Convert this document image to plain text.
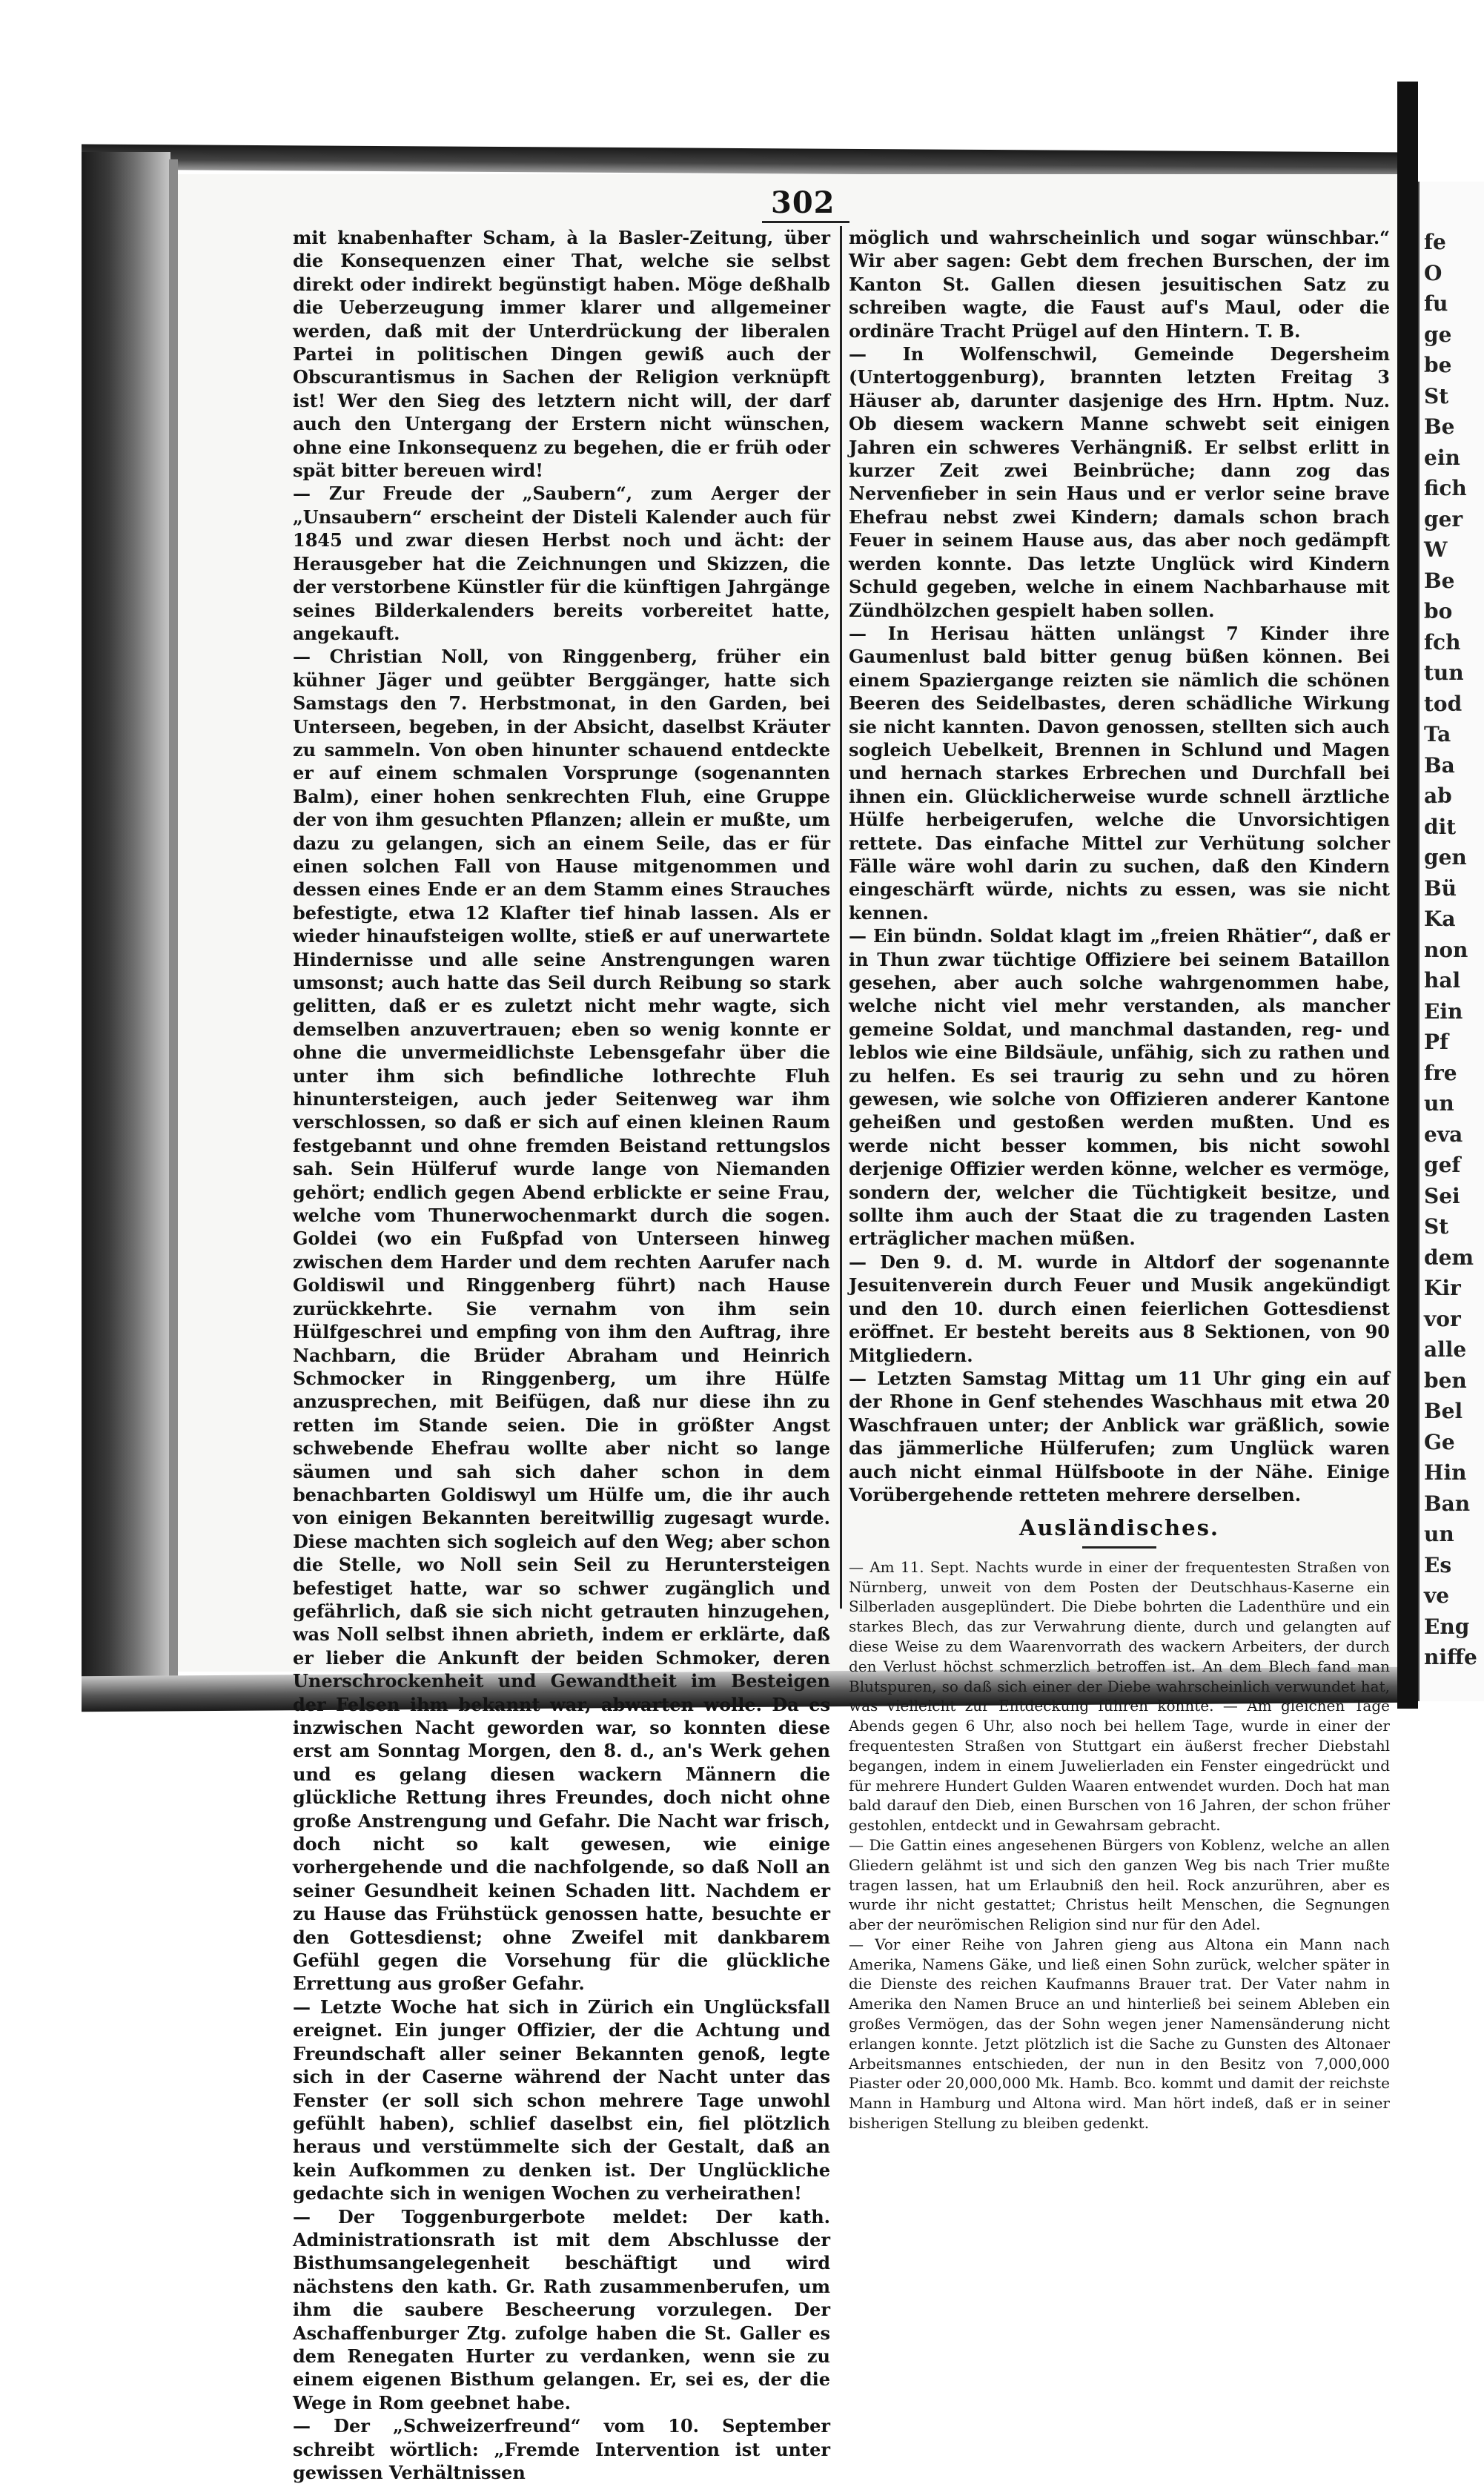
fe
O
fu
ge
be
St
Be
ein
fich
ger
W
Be
bo
fch
tun
tod
Ta
Ba
ab
dit
gen
Bü
Ka
non
hal
Ein
Pf
fre
un
eva
gef
Sei
St
dem
Kir
vor
alle
ben
Bel
Ge
Hin
Ban
un
Es
ve
Eng
niffe
302

mit knabenhafter Scham, à la Basler-Zeitung, über die Konsequenzen einer That, welche sie selbst direkt oder indirekt begünstigt haben. Möge deßhalb die Ueberzeugung immer klarer und allgemeiner werden, daß mit der Unterdrückung der liberalen Partei in politischen Dingen gewiß auch der Obscurantismus in Sachen der Religion verknüpft ist! Wer den Sieg des letztern nicht will, der darf auch den Untergang der Erstern nicht wünschen, ohne eine Inkonsequenz zu begehen, die er früh oder spät bitter bereuen wird!

— Zur Freude der „Saubern“, zum Aerger der „Unsaubern“ erscheint der Disteli Kalender auch für 1845 und zwar diesen Herbst noch und ächt: der Herausgeber hat die Zeichnungen und Skizzen, die der verstorbene Künstler für die künftigen Jahrgänge seines Bilderkalenders bereits vorbereitet hatte, angekauft.

— Christian Noll, von Ringgenberg, früher ein kühner Jäger und geübter Berggänger, hatte sich Samstags den 7. Herbstmonat, in den Garden, bei Unterseen, begeben, in der Absicht, daselbst Kräuter zu sammeln. Von oben hinunter schauend entdeckte er auf einem schmalen Vorsprunge (sogenannten Balm), einer hohen senkrechten Fluh, eine Gruppe der von ihm gesuchten Pflanzen; allein er mußte, um dazu zu gelangen, sich an einem Seile, das er für einen solchen Fall von Hause mitgenommen und dessen eines Ende er an dem Stamm eines Strauches befestigte, etwa 12 Klafter tief hinab lassen. Als er wieder hinaufsteigen wollte, stieß er auf unerwartete Hindernisse und alle seine Anstrengungen waren umsonst; auch hatte das Seil durch Reibung so stark gelitten, daß er es zuletzt nicht mehr wagte, sich demselben anzuvertrauen; eben so wenig konnte er ohne die unvermeidlichste Lebensgefahr über die unter ihm sich befindliche lothrechte Fluh hinuntersteigen, auch jeder Seitenweg war ihm verschlossen, so daß er sich auf einen kleinen Raum festgebannt und ohne fremden Beistand rettungslos sah. Sein Hülferuf wurde lange von Niemanden gehört; endlich gegen Abend erblickte er seine Frau, welche vom Thunerwochenmarkt durch die sogen. Goldei (wo ein Fußpfad von Unterseen hinweg zwischen dem Harder und dem rechten Aarufer nach Goldiswil und Ringgenberg führt) nach Hause zurückkehrte. Sie vernahm von ihm sein Hülfgeschrei und empfing von ihm den Auftrag, ihre Nachbarn, die Brüder Abraham und Heinrich Schmocker in Ringgenberg, um ihre Hülfe anzusprechen, mit Beifügen, daß nur diese ihn zu retten im Stande seien. Die in größter Angst schwebende Ehefrau wollte aber nicht so lange säumen und sah sich daher schon in dem benachbarten Goldiswyl um Hülfe um, die ihr auch von einigen Bekannten bereitwillig zugesagt wurde. Diese machten sich sogleich auf den Weg; aber schon die Stelle, wo Noll sein Seil zu Heruntersteigen befestiget hatte, war so schwer zugänglich und gefährlich, daß sie sich nicht getrauten hinzugehen, was Noll selbst ihnen abrieth, indem er erklärte, daß er lieber die Ankunft der beiden Schmoker, deren Unerschrockenheit und Gewandtheit im Besteigen der Felsen ihm bekannt war, abwarten wolle. Da es inzwischen Nacht geworden war, so konnten diese erst am Sonntag Morgen, den 8. d., an's Werk gehen und es gelang diesen wackern Männern die glückliche Rettung ihres Freundes, doch nicht ohne große Anstrengung und Gefahr. Die Nacht war frisch, doch nicht so kalt gewesen, wie einige vorhergehende und die nachfolgende, so daß Noll an seiner Gesundheit keinen Schaden litt. Nachdem er zu Hause das Frühstück genossen hatte, besuchte er den Gottesdienst; ohne Zweifel mit dankbarem Gefühl gegen die Vorsehung für die glückliche Errettung aus großer Gefahr.

— Letzte Woche hat sich in Zürich ein Unglücksfall ereignet. Ein junger Offizier, der die Achtung und Freundschaft aller seiner Bekannten genoß, legte sich in der Caserne während der Nacht unter das Fenster (er soll sich schon mehrere Tage unwohl gefühlt haben), schlief daselbst ein, fiel plötzlich heraus und verstümmelte sich der Gestalt, daß an kein Aufkommen zu denken ist. Der Unglückliche gedachte sich in wenigen Wochen zu verheirathen!

— Der Toggenburgerbote meldet: Der kath. Administrationsrath ist mit dem Abschlusse der Bisthumsangelegenheit beschäftigt und wird nächstens den kath. Gr. Rath zusammenberufen, um ihm die saubere Bescheerung vorzulegen. Der Aschaffenburger Ztg. zufolge haben die St. Galler es dem Renegaten Hurter zu verdanken, wenn sie zu einem eigenen Bisthum gelangen. Er, sei es, der die Wege in Rom geebnet habe.

— Der „Schweizerfreund“ vom 10. September schreibt wörtlich: „Fremde Intervention ist unter gewissen Verhältnissen

möglich und wahrscheinlich und sogar wünschbar.“ Wir aber sagen: Gebt dem frechen Burschen, der im Kanton St. Gallen diesen jesuitischen Satz zu schreiben wagte, die Faust auf's Maul, oder die ordinäre Tracht Prügel auf den Hintern. T. B.

— In Wolfenschwil, Gemeinde Degersheim (Untertoggenburg), brannten letzten Freitag 3 Häuser ab, darunter dasjenige des Hrn. Hptm. Nuz. Ob diesem wackern Manne schwebt seit einigen Jahren ein schweres Verhängniß. Er selbst erlitt in kurzer Zeit zwei Beinbrüche; dann zog das Nervenfieber in sein Haus und er verlor seine brave Ehefrau nebst zwei Kindern; damals schon brach Feuer in seinem Hause aus, das aber noch gedämpft werden konnte. Das letzte Unglück wird Kindern Schuld gegeben, welche in einem Nachbarhause mit Zündhölzchen gespielt haben sollen.

— In Herisau hätten unlängst 7 Kinder ihre Gaumenlust bald bitter genug büßen können. Bei einem Spaziergange reizten sie nämlich die schönen Beeren des Seidelbastes, deren schädliche Wirkung sie nicht kannten. Davon genossen, stellten sich auch sogleich Uebelkeit, Brennen in Schlund und Magen und hernach starkes Erbrechen und Durchfall bei ihnen ein. Glücklicherweise wurde schnell ärztliche Hülfe herbeigerufen, welche die Unvorsichtigen rettete. Das einfache Mittel zur Verhütung solcher Fälle wäre wohl darin zu suchen, daß den Kindern eingeschärft würde, nichts zu essen, was sie nicht kennen.

— Ein bündn. Soldat klagt im „freien Rhätier“, daß er in Thun zwar tüchtige Offiziere bei seinem Bataillon gesehen, aber auch solche wahrgenommen habe, welche nicht viel mehr verstanden, als mancher gemeine Soldat, und manchmal dastanden, reg- und leblos wie eine Bildsäule, unfähig, sich zu rathen und zu helfen. Es sei traurig zu sehn und zu hören gewesen, wie solche von Offizieren anderer Kantone geheißen und gestoßen werden mußten. Und es werde nicht besser kommen, bis nicht sowohl derjenige Offizier werden könne, welcher es vermöge, sondern der, welcher die Tüchtigkeit besitze, und sollte ihm auch der Staat die zu tragenden Lasten erträglicher machen müßen.

— Den 9. d. M. wurde in Altdorf der sogenannte Jesuitenverein durch Feuer und Musik angekündigt und den 10. durch einen feierlichen Gottesdienst eröffnet. Er besteht bereits aus 8 Sektionen, von 90 Mitgliedern.

— Letzten Samstag Mittag um 11 Uhr ging ein auf der Rhone in Genf stehendes Waschhaus mit etwa 20 Waschfrauen unter; der Anblick war gräßlich, sowie das jämmerliche Hülferufen; zum Unglück waren auch nicht einmal Hülfsboote in der Nähe. Einige Vorübergehende retteten mehrere derselben.

Ausländisches.

— Am 11. Sept. Nachts wurde in einer der frequentesten Straßen von Nürnberg, unweit von dem Posten der Deutschhaus-Kaserne ein Silberladen ausgeplündert. Die Diebe bohrten die Ladenthüre und ein starkes Blech, das zur Verwahrung diente, durch und gelangten auf diese Weise zu dem Waarenvorrath des wackern Arbeiters, der durch den Verlust höchst schmerzlich betroffen ist. An dem Blech fand man Blutspuren, so daß sich einer der Diebe wahrscheinlich verwundet hat, was vielleicht zur Entdeckung führen könnte. — Am gleichen Tage Abends gegen 6 Uhr, also noch bei hellem Tage, wurde in einer der frequentesten Straßen von Stuttgart ein äußerst frecher Diebstahl begangen, indem in einem Juwelierladen ein Fenster eingedrückt und für mehrere Hundert Gulden Waaren entwendet wurden. Doch hat man bald darauf den Dieb, einen Burschen von 16 Jahren, der schon früher gestohlen, entdeckt und in Gewahrsam gebracht.

— Die Gattin eines angesehenen Bürgers von Koblenz, welche an allen Gliedern gelähmt ist und sich den ganzen Weg bis nach Trier mußte tragen lassen, hat um Erlaubniß den heil. Rock anzurühren, aber es wurde ihr nicht gestattet; Christus heilt Menschen, die Segnungen aber der neurömischen Religion sind nur für den Adel.

— Vor einer Reihe von Jahren gieng aus Altona ein Mann nach Amerika, Namens Gäke, und ließ einen Sohn zurück, welcher später in die Dienste des reichen Kaufmanns Brauer trat. Der Vater nahm in Amerika den Namen Bruce an und hinterließ bei seinem Ableben ein großes Vermögen, das der Sohn wegen jener Namensänderung nicht erlangen konnte. Jetzt plötzlich ist die Sache zu Gunsten des Altonaer Arbeitsmannes entschieden, der nun in den Besitz von 7,000,000 Piaster oder 20,000,000 Mk. Hamb. Bco. kommt und damit der reichste Mann in Hamburg und Altona wird. Man hört indeß, daß er in seiner bisherigen Stellung zu bleiben gedenkt.
